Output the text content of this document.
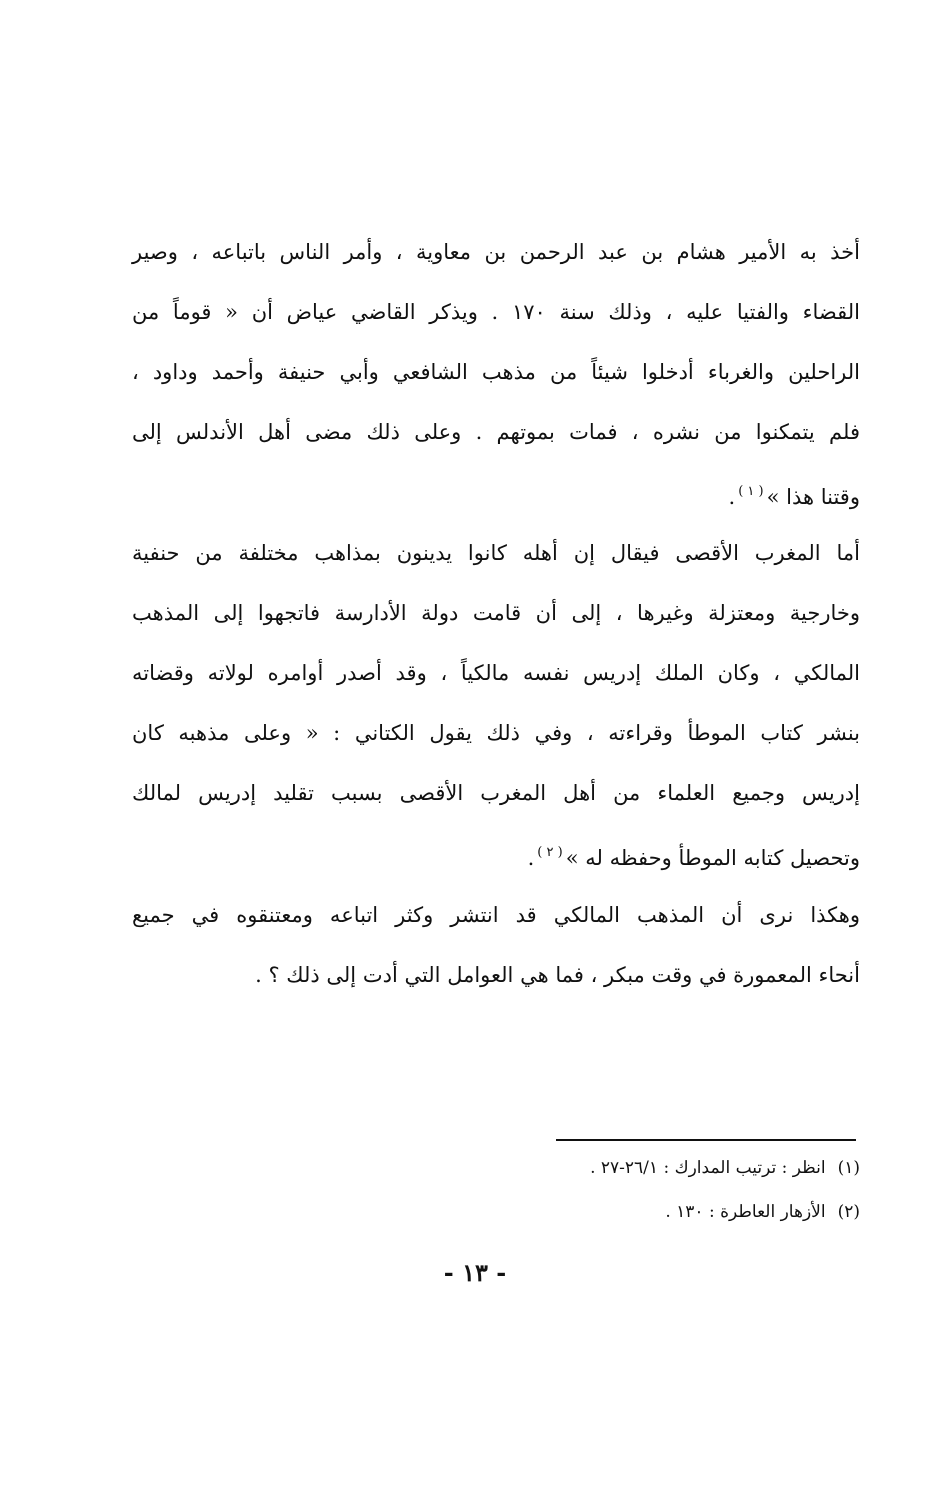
أخذ به الأمير هشام بن عبد الرحمن بن معاوية ، وأمر الناس باتباعه ، وصير
القضاء والفتيا عليه ، وذلك سنة ١٧٠ . ويذكر القاضي عياض أن « قوماً من
الراحلين والغرباء أدخلوا شيئاً من مذهب الشافعي وأبي حنيفة وأحمد وداود ،
فلم يتمكنوا من نشره ، فمات بموتهم . وعلى ذلك مضى أهل الأندلس إلى
وقتنا هذا »$^{( ١ )}$.
أما المغرب الأقصى فيقال إن أهله كانوا يدينون بمذاهب مختلفة من حنفية
وخارجية ومعتزلة وغيرها ، إلى أن قامت دولة الأدارسة فاتجهوا إلى المذهب
المالكي ، وكان الملك إدريس نفسه مالكياً ، وقد أصدر أوامره لولاته وقضاته
بنشر كتاب الموطأ وقراءته ، وفي ذلك يقول الكتاني : « وعلى مذهبه كان
إدريس وجميع العلماء من أهل المغرب الأقصى بسبب تقليد إدريس لمالك
وتحصيل كتابه الموطأ وحفظه له »$^{( ٢ )}$.
وهكذا نرى أن المذهب المالكي قد انتشر وكثر اتباعه ومعتنقوه في جميع
أنحاء المعمورة في وقت مبكر ، فما هي العوامل التي أدت إلى ذلك ؟ .
(١)انظر : ترتيب المدارك : ٢٦/١-٢٧ .
(٢)الأزهار العاطرة : ١٣٠ .
- ١٣ -
